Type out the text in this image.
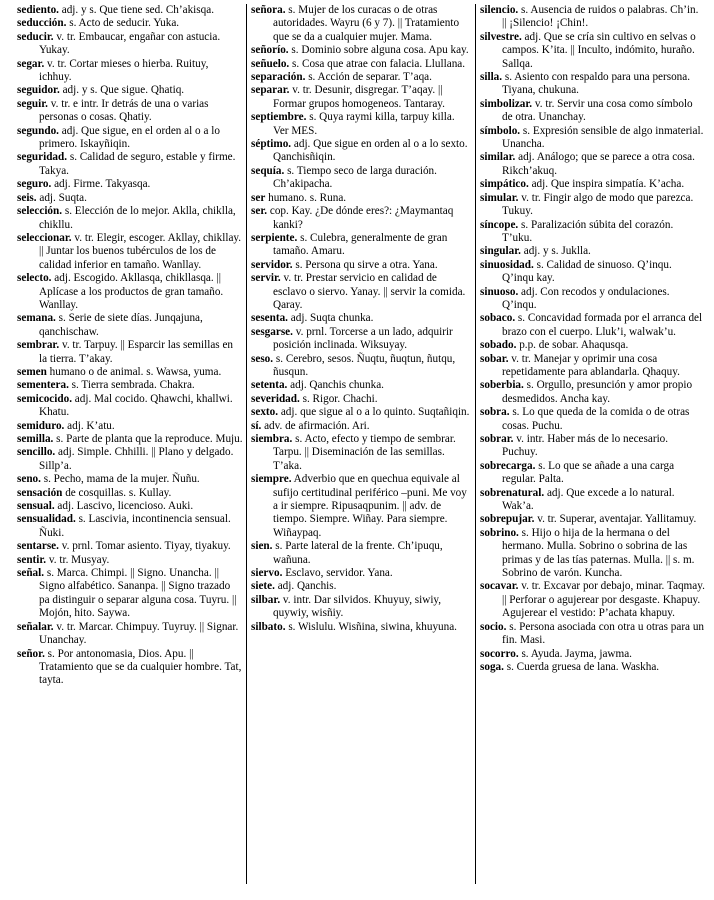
sediento. adj. y s. Que tiene sed. Ch’akisqa.

seducción. s. Acto de seducir. Yuka.

seducir. v. tr. Embaucar, engañar con astucia. Yukay.

segar. v. tr. Cortar mieses o hierba. Ruituy, ichhuy.

seguidor. adj. y s. Que sigue. Qhatiq.

seguir. v. tr. e intr. Ir detrás de una o varias personas o cosas. Qhatiy.

segundo. adj. Que sigue, en el orden al o a lo primero. Iskayñiqin.

seguridad. s. Calidad de seguro, estable y firme. Takya.

seguro. adj. Firme. Takyasqa.

seis. adj. Suqta.

selección. s. Elección de lo mejor. Aklla, chiklla, chikllu.

seleccionar. v. tr. Elegir, escoger. Akllay, chikllay. || Juntar los buenos tubérculos de los de calidad inferior en tamaño. Wanllay.

selecto. adj. Escogido. Akllasqa, chikllasqa. || Aplícase a los productos de gran tamaño. Wanllay.

semana. s. Serie de siete días. Junqajuna, qanchischaw.

sembrar. v. tr. Tarpuy. || Esparcir las semillas en la tierra. T’akay.

semen humano o de animal. s. Wawsa, yuma.

sementera. s. Tierra sembrada. Chakra.

semicocido. adj. Mal cocido. Qhawchi, khallwi. Khatu.

semiduro. adj. K’atu.

semilla. s. Parte de planta que la reproduce. Muju.

sencillo. adj. Simple. Chhilli. || Plano y delgado. Sillp’a.

seno. s. Pecho, mama de la mujer. Ñuñu.

sensación de cosquillas. s. Kullay.

sensual. adj. Lascivo, licencioso. Auki.

sensualidad. s. Lascivia, incontinencia sensual. Ñuki.

sentarse. v. prnl. Tomar asiento. Tiyay, tiyakuy.

sentir. v. tr. Musyay.

señal. s. Marca. Chimpi. || Signo. Unancha. || Signo alfabético. Sananpa. || Signo trazado pa distinguir o separar alguna cosa. Tuyru. || Mojón, hito. Saywa.

señalar. v. tr. Marcar. Chimpuy. Tuyruy. || Signar. Unanchay.

señor. s. Por antonomasia, Dios. Apu. || Tratamiento que se da cualquier hombre. Tat, tayta.

señora. s. Mujer de los curacas o de otras autoridades. Wayru (6 y 7). || Tratamiento que se da a cualquier mujer. Mama.

señorío. s. Dominio sobre alguna cosa. Apu kay.

señuelo. s. Cosa que atrae con falacia. Llullana.

separación. s. Acción de separar. T’aqa.

separar. v. tr. Desunir, disgregar. T’aqay. || Formar grupos homogeneos. Tantaray.

septiembre. s. Quya raymi killa, tarpuy killa. Ver MES.

séptimo. adj. Que sigue en orden al o a lo sexto. Qanchisñiqin.

sequía. s. Tiempo seco de larga duración. Ch’akipacha.

ser humano. s. Runa.

ser. cop. Kay. ¿De dónde eres?: ¿Maymantaq kanki?

serpiente. s. Culebra, generalmente de gran tamaño. Amaru.

servidor. s. Persona qu sirve a otra. Yana.

servir. v. tr. Prestar servicio en calidad de esclavo o siervo. Yanay. || servir la comida. Qaray.

sesenta. adj. Suqta chunka.

sesgarse. v. prnl. Torcerse a un lado, adquirir posición inclinada. Wiksuyay.

seso. s. Cerebro, sesos. Ñuqtu, ñuqtun, ñutqu, ñusqun.

setenta. adj. Qanchis chunka.

severidad. s. Rigor. Chachi.

sexto. adj. que sigue al o a lo quinto. Suqtañiqin.

sí. adv. de afirmación. Ari.

siembra. s. Acto, efecto y tiempo de sembrar. Tarpu. || Diseminación de las semillas. T’aka.

siempre. Adverbio que en quechua equivale al sufijo certitudinal periférico –puni. Me voy a ir siempre. Ripusaqpunim. || adv. de tiempo. Siempre. Wiñay. Para siempre. Wiñaypaq.

sien. s. Parte lateral de la frente. Ch’ipuqu, wañuna.

siervo. Esclavo, servidor. Yana.

siete. adj. Qanchis.

silbar. v. intr. Dar silvidos. Khuyuy, siwiy, quywiy, wisñiy.

silbato. s. Wislulu. Wisñina, siwina, khuyuna.

silencio. s. Ausencia de ruidos o palabras. Ch’in. || ¡Silencio! ¡Chin!.

silvestre. adj. Que se cría sin cultivo en selvas o campos. K’ita. || Inculto, indómito, huraño. Sallqa.

silla. s. Asiento con respaldo para una persona. Tiyana, chukuna.

simbolizar. v. tr. Servir una cosa como símbolo de otra. Unanchay.

símbolo. s. Expresión sensible de algo inmaterial. Unancha.

similar. adj. Análogo; que se parece a otra cosa. Rikch’akuq.

simpático. adj. Que inspira simpatía. K’acha.

simular. v. tr. Fingir algo de modo que parezca. Tukuy.

síncope. s. Paralización súbita del corazón. T’uku.

singular. adj. y s. Juklla.

sinuosidad. s. Calidad de sinuoso. Q’inqu. Q’inqu kay.

sinuoso. adj. Con recodos y ondulaciones. Q’inqu.

sobaco. s. Concavidad formada por el arranca del brazo con el cuerpo. Lluk’i, walwak’u.

sobado. p.p. de sobar. Ahaqusqa.

sobar. v. tr. Manejar y oprimir una cosa repetidamente para ablandarla. Qhaquy.

soberbia. s. Orgullo, presunción y amor propio desmedidos. Ancha kay.

sobra. s. Lo que queda de la comida o de otras cosas. Puchu.

sobrar. v. intr. Haber más de lo necesario. Puchuy.

sobrecarga. s. Lo que se añade a una carga regular. Palta.

sobrenatural. adj. Que excede a lo natural. Wak’a.

sobrepujar. v. tr. Superar, aventajar. Yallitamuy.

sobrino. s. Hijo o hija de la hermana o del hermano. Mulla. Sobrino o sobrina de las primas y de las tías paternas. Mulla. || s. m. Sobrino de varón. Kuncha.

socavar. v. tr. Excavar por debajo, minar. Taqmay. || Perforar o agujerear por desgaste. Khapuy. Agujerear el vestido: P’achata khapuy.

socio. s. Persona asociada con otra u otras para un fin. Masi.

socorro. s. Ayuda. Jayma, jawma.

soga. s. Cuerda gruesa de lana. Waskha.
